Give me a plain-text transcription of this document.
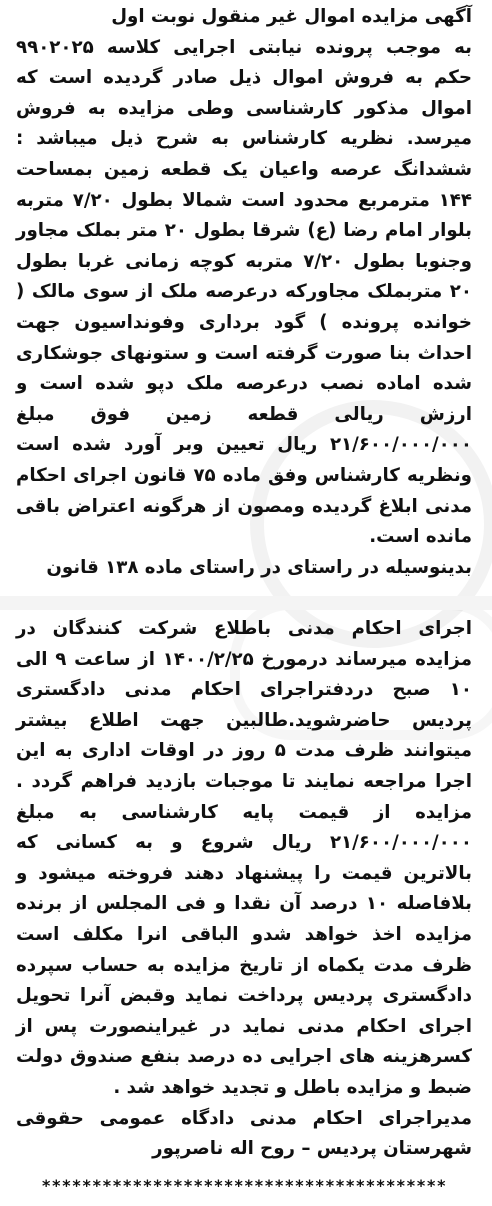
آگهی مزایده اموال غیر منقول نوبت اول

به موجب پرونده نیابتی اجرایی کلاسه ۹۹۰۲۰۲۵ حکم به فروش اموال ذیل صادر گردیده است که اموال مذکور کارشناسی وطی مزایده به فروش میرسد. نظریه کارشناس به شرح ذیل میباشد : ششدانگ عرصه واعیان یک قطعه زمین بمساحت ۱۴۴ مترمربع محدود است شمالا بطول ۷/۲۰ متربه بلوار امام رضا (ع) شرقا بطول ۲۰ متر بملک مجاور وجنوبا بطول ۷/۲۰ متربه کوچه زمانی غربا بطول ۲۰ متربملک مجاورکه درعرصه ملک از سوی مالک ( خوانده پرونده ) گود برداری وفونداسیون جهت احداث بنا صورت گرفته است و ستونهای جوشکاری شده اماده نصب درعرصه ملک دپو شده است و ارزش ریالی قطعه زمین فوق مبلغ ۲۱/۶۰۰/۰۰۰/۰۰۰ ریال تعیین وبر آورد شده است ونظریه کارشناس وفق ماده ۷۵ قانون اجرای احکام مدنی ابلاغ گردیده ومصون از هرگونه اعتراض باقی مانده است.

بدینوسیله در راستای در راستای ماده ۱۳۸ قانون

اجرای احکام مدنی باطلاع شرکت کنندگان در مزایده میرساند درمورخ ۱۴۰۰/۲/۲۵ از ساعت ۹ الی ۱۰ صبح دردفتراجرای احکام مدنی دادگستری پردیس حاضرشوید.طالبین جهت اطلاع بیشتر میتوانند ظرف مدت ۵ روز در اوقات اداری به این اجرا مراجعه نمایند تا موجبات بازدید فراهم گردد . مزایده از قیمت پایه کارشناسی به مبلغ ۲۱/۶۰۰/۰۰۰/۰۰۰ ریال شروع و به کسانی که بالاترین قیمت را پیشنهاد دهند فروخته میشود و بلافاصله ۱۰ درصد آن نقدا و فی المجلس از برنده مزایده اخذ خواهد شدو الباقی انرا مکلف است ظرف مدت یکماه از تاریخ مزایده به حساب سپرده دادگستری پردیس پرداخت نماید وقبض آنرا تحویل اجرای احکام مدنی نماید در غیراینصورت پس از کسرهزینه های اجرایی ده درصد بنفع صندوق دولت ضبط و مزایده باطل و تجدید خواهد شد .

مدیراجرای احکام مدنی دادگاه عمومی حقوقی شهرستان پردیس – روح اله ناصرپور

****************************************
